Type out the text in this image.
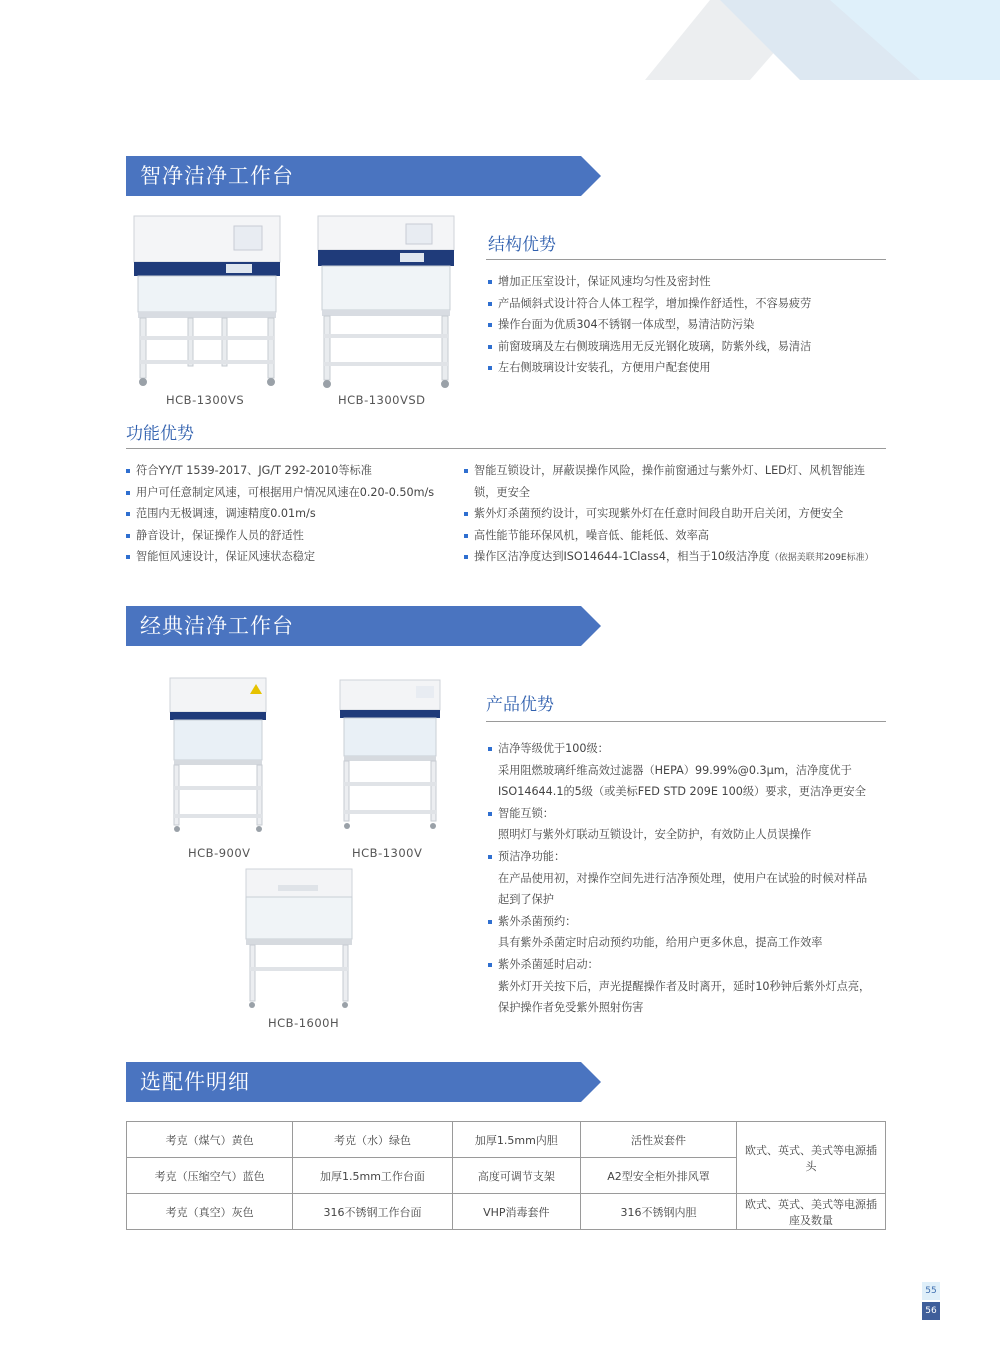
智净洁净工作台
HCB-1300VS	HCB-1300VSD
结构优势
增加正压室设计，保证风速均匀性及密封性
产品倾斜式设计符合人体工程学，增加操作舒适性，不容易疲劳
操作台面为优质304不锈钢一体成型，易清洁防污染
前窗玻璃及左右侧玻璃选用无反光钢化玻璃，防紫外线，易清洁
左右侧玻璃设计安装孔，方便用户配套使用
功能优势
符合YY/T 1539-2017、JG/T 292-2010等标准
用户可任意制定风速，可根据用户情况风速在0.20-0.50m/s
范围内无极调速，调速精度0.01m/s
静音设计，保证操作人员的舒适性
智能恒风速设计，保证风速状态稳定
智能互锁设计，屏蔽误操作风险，操作前窗通过与紫外灯、LED灯、风机智能连
锁，更安全
紫外灯杀菌预约设计，可实现紫外灯在任意时间段自助开启关闭，方便安全
高性能节能环保风机，噪音低、能耗低、效率高
操作区洁净度达到ISO14644-1Class4，相当于10级洁净度（依据美联邦209E标准）
经典洁净工作台
HCB-900V	HCB-1300V
HCB-1600H
产品优势
洁净等级优于100级：
采用阻燃玻璃纤维高效过滤器（HEPA）99.99%@0.3μm，洁净度优于
ISO14644.1的5级（或美标FED STD 209E 100级）要求，更洁净更安全
智能互锁：
照明灯与紫外灯联动互锁设计，安全防护，有效防止人员误操作
预洁净功能：
在产品使用初，对操作空间先进行洁净预处理，使用户在试验的时候对样品
起到了保护
紫外杀菌预约：
具有紫外杀菌定时启动预约功能，给用户更多休息，提高工作效率
紫外杀菌延时启动：
紫外灯开关按下后，声光提醒操作者及时离开，延时10秒钟后紫外灯点亮，
保护操作者免受紫外照射伤害
选配件明细
考克（煤气）黄色	考克（水）绿色	加厚1.5mm内胆	活性炭套件	欧式、英式、美式等电源插头
考克（压缩空气）蓝色	加厚1.5mm工作台面	高度可调节支架	A2型安全柜外排风罩	
考克（真空）灰色	316不锈钢工作台面	VHP消毒套件	316不锈钢内胆	欧式、英式、美式等电源插座及数量
55
56
